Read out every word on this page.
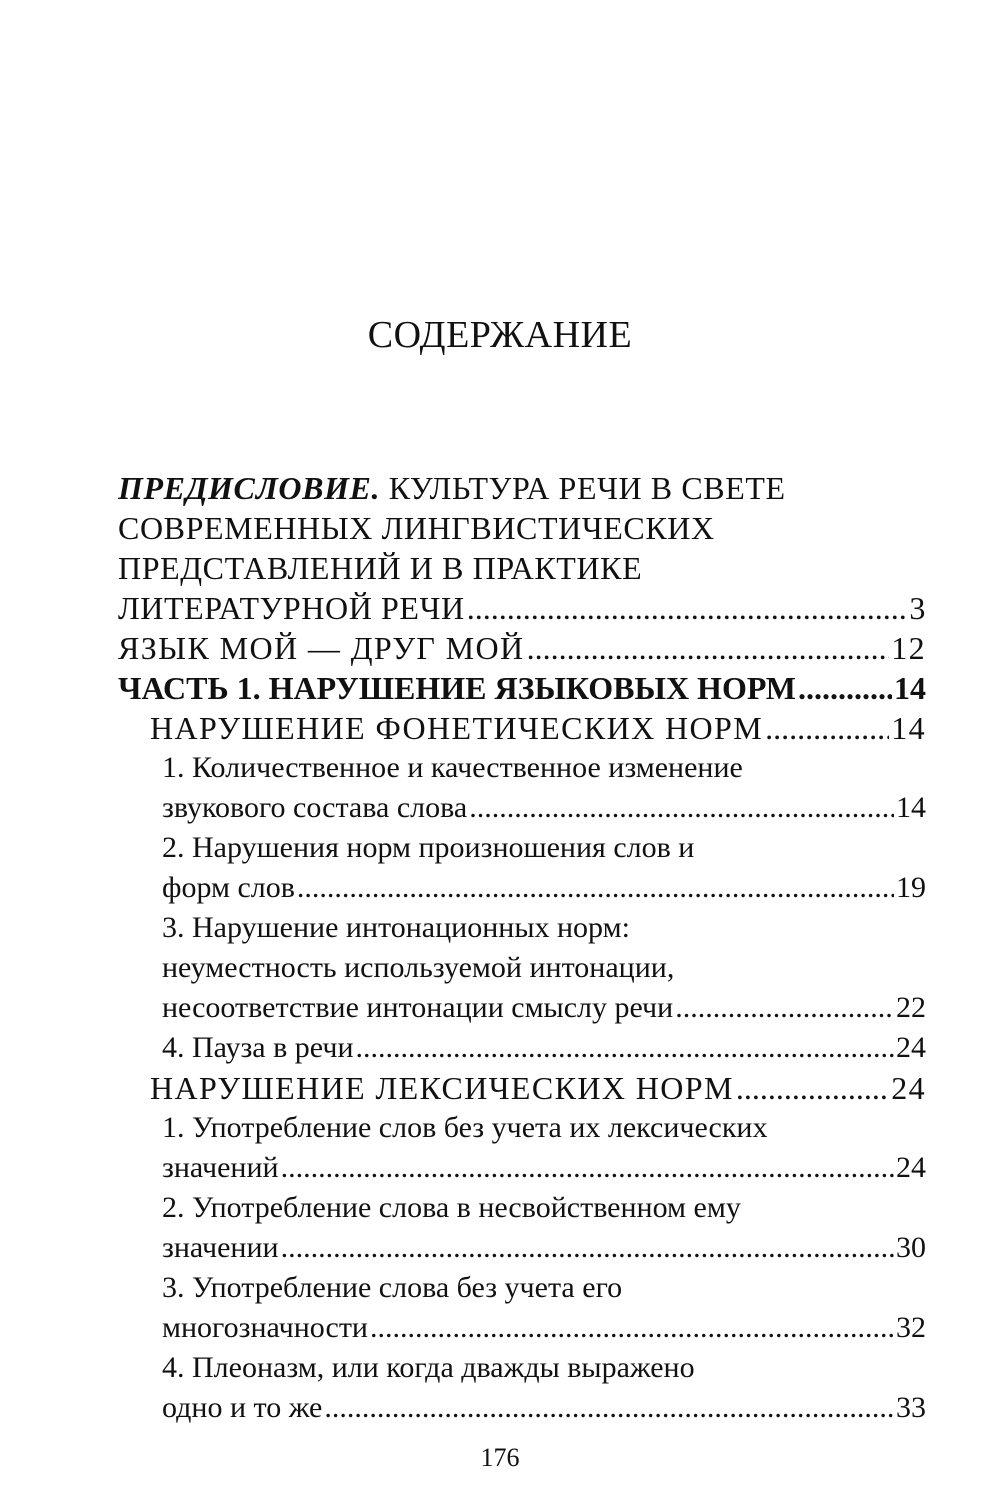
СОДЕРЖАНИЕ
ПРЕДИСЛОВИЕ.
КУЛЬТУРА РЕЧИ В СВЕТЕ
СОВРЕМЕННЫХ ЛИНГВИСТИЧЕСКИХ
ПРЕДСТАВЛЕНИЙ И В ПРАКТИКЕ
ЛИТЕРАТУРНОЙ РЕЧИ .....	3
ЯЗЫК МОЙ — ДРУГ МОЙ .....	12
ЧАСТЬ 1. НАРУШЕНИЕ ЯЗЫКОВЫХ НОРМ .....	14
НАРУШЕНИЕ ФОНЕТИЧЕСКИХ НОРМ .....	14
1. Количественное и качественное изменение
звукового состава слова .....	14
2. Нарушения норм произношения слов и
форм слов .....	19
3. Нарушение интонационных норм:
неуместность используемой интонации,
несоответствие интонации смыслу речи .....	22
4. Пауза в речи .....	24
НАРУШЕНИЕ ЛЕКСИЧЕСКИХ НОРМ .....	24
1. Употребление слов без учета их лексических
значений .....	24
2. Употребление слова в несвойственном ему
значении .....	30
3. Употребление слова без учета его
многозначности .....	32
4. Плеоназм, или когда дважды выражено
одно и то же .....	33
176
